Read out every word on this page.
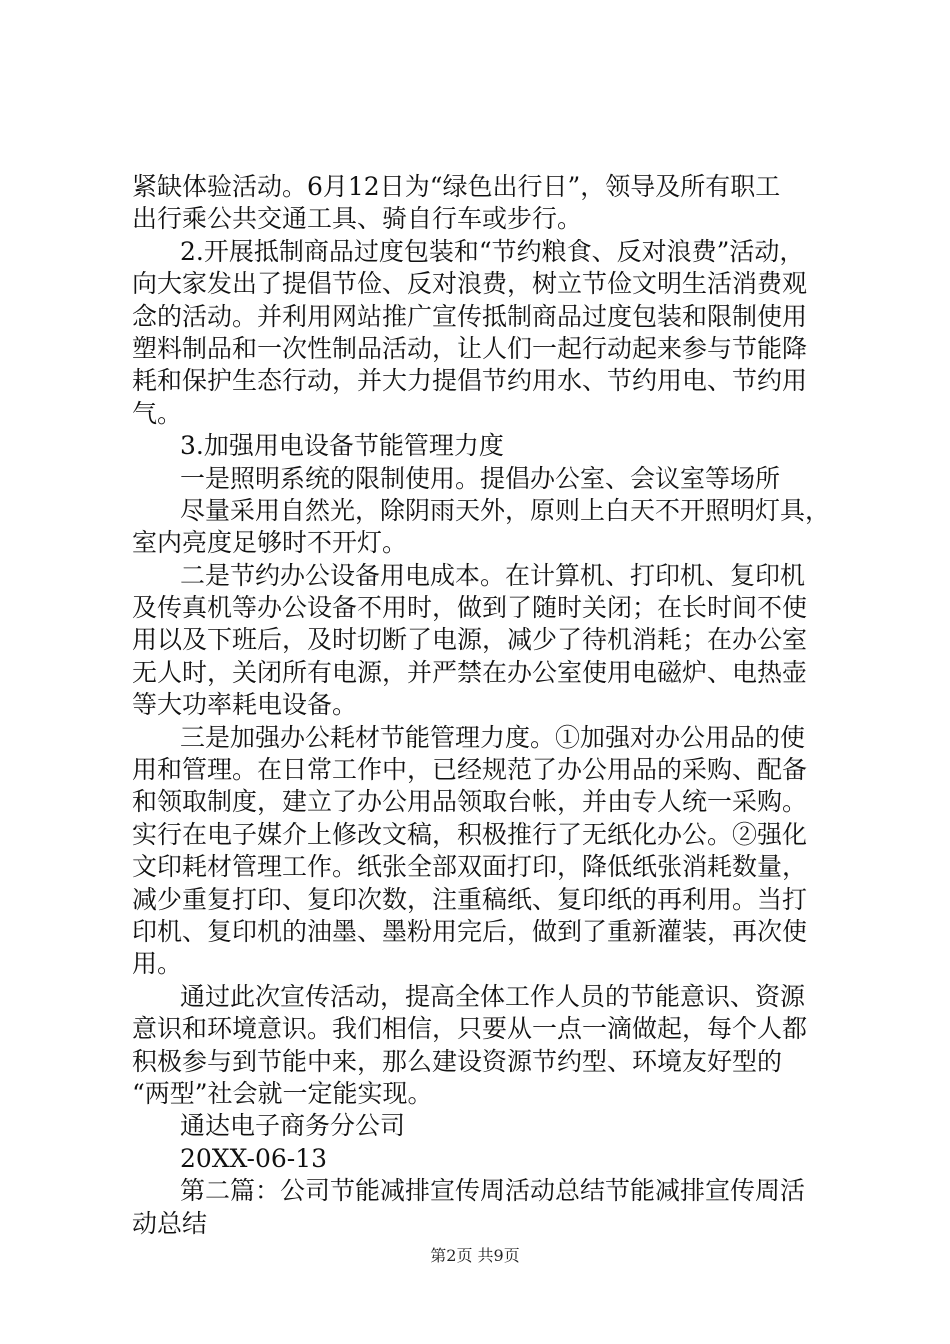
紧缺体验活动。6月12日为“绿色出行日”，领导及所有职工
出行乘公共交通工具、骑自行车或步行。
2.开展抵制商品过度包装和“节约粮食、反对浪费”活动，
向大家发出了提倡节俭、反对浪费，树立节俭文明生活消费观
念的活动。并利用网站推广宣传抵制商品过度包装和限制使用
塑料制品和一次性制品活动，让人们一起行动起来参与节能降
耗和保护生态行动，并大力提倡节约用水、节约用电、节约用
气。
3.加强用电设备节能管理力度
一是照明系统的限制使用。提倡办公室、会议室等场所
尽量采用自然光，除阴雨天外，原则上白天不开照明灯具，
室内亮度足够时不开灯。
二是节约办公设备用电成本。在计算机、打印机、复印机
及传真机等办公设备不用时，做到了随时关闭；在长时间不使
用以及下班后，及时切断了电源，减少了待机消耗；在办公室
无人时，关闭所有电源，并严禁在办公室使用电磁炉、电热壶
等大功率耗电设备。
三是加强办公耗材节能管理力度。①加强对办公用品的使
用和管理。在日常工作中，已经规范了办公用品的采购、配备
和领取制度，建立了办公用品领取台帐，并由专人统一采购。
实行在电子媒介上修改文稿，积极推行了无纸化办公。②强化
文印耗材管理工作。纸张全部双面打印，降低纸张消耗数量，
减少重复打印、复印次数，注重稿纸、复印纸的再利用。当打
印机、复印机的油墨、墨粉用完后，做到了重新灌装，再次使
用。
通过此次宣传活动，提高全体工作人员的节能意识、资源
意识和环境意识。我们相信，只要从一点一滴做起，每个人都
积极参与到节能中来，那么建设资源节约型、环境友好型的
“两型”社会就一定能实现。
通达电子商务分公司
20XX-06-13
第二篇：公司节能减排宣传周活动总结节能减排宣传周活
动总结
第2页 共9页
